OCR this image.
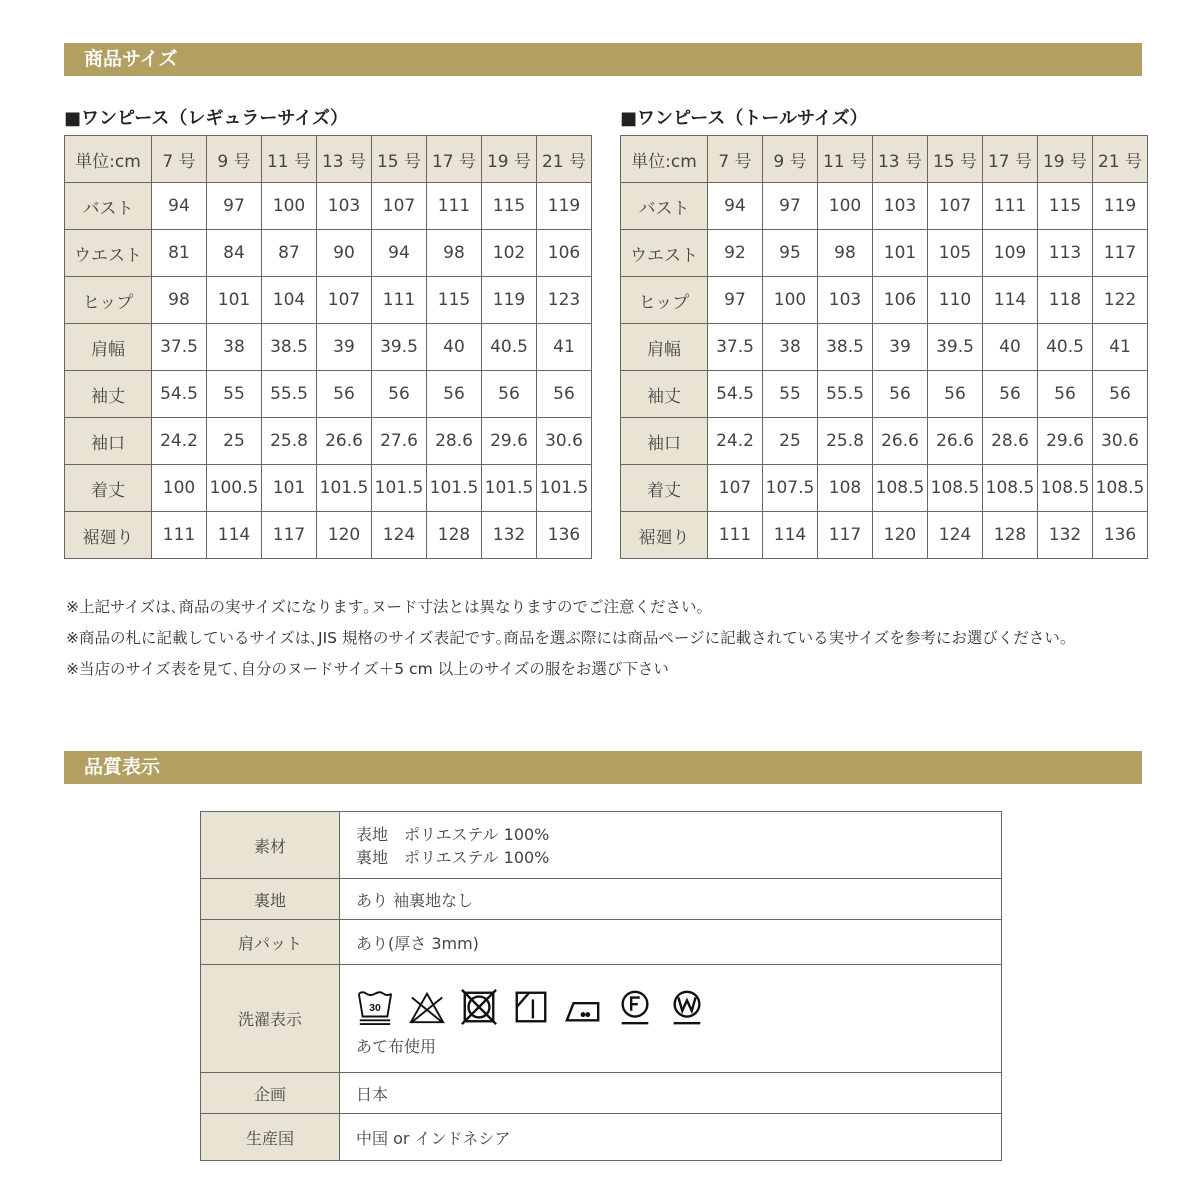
商品サイズ
■ワンピース（レギュラーサイズ）
単位:cm	7 号	9 号	11 号	13 号	15 号	17 号	19 号	21 号
バスト	94	97	100	103	107	111	115	119
ウエスト	81	84	87	90	94	98	102	106
ヒップ	98	101	104	107	111	115	119	123
肩幅	37.5	38	38.5	39	39.5	40	40.5	41
袖丈	54.5	55	55.5	56	56	56	56	56
袖口	24.2	25	25.8	26.6	27.6	28.6	29.6	30.6
着丈	100	100.5	101	101.5	101.5	101.5	101.5	101.5
裾廻り	111	114	117	120	124	128	132	136
■ワンピース（トールサイズ）
単位:cm	7 号	9 号	11 号	13 号	15 号	17 号	19 号	21 号
バスト	94	97	100	103	107	111	115	119
ウエスト	92	95	98	101	105	109	113	117
ヒップ	97	100	103	106	110	114	118	122
肩幅	37.5	38	38.5	39	39.5	40	40.5	41
袖丈	54.5	55	55.5	56	56	56	56	56
袖口	24.2	25	25.8	26.6	26.6	28.6	29.6	30.6
着丈	107	107.5	108	108.5	108.5	108.5	108.5	108.5
裾廻り	111	114	117	120	124	128	132	136
※上記サイズは､商品の実サイズになります｡ヌード寸法とは異なりますのでご注意ください｡
※商品の札に記載しているサイズは､JIS 規格のサイズ表記です｡商品を選ぶ際には商品ページに記載されている実サイズを参考にお選びください｡
※当店のサイズ表を見て､自分のヌードサイズ＋5 cm 以上のサイズの服をお選び下さい
品質表示
素材	表地　ポリエステル 100%
裏地　ポリエステル 100%

裏地	あり 袖裏地なし
肩パット	あり(厚さ 3mm)
洗濯表示	30
あて布使用

企画	日本
生産国	中国 or インドネシア
